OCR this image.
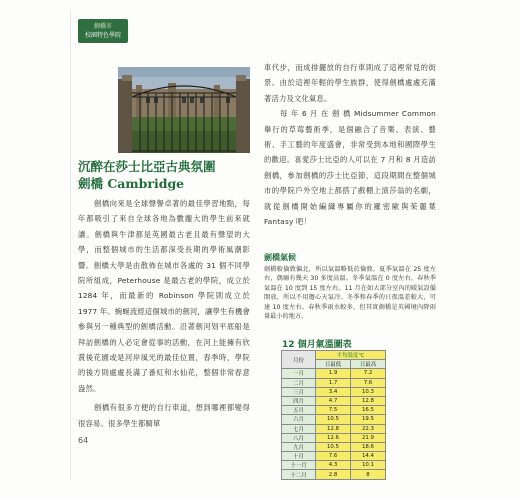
劍橋市
校園特色學院
沉醉在莎士比亞古典氛圍
劍橋 Cambridge

劍橋向來是全球聲譽卓著的最佳學習地點，每年都吸引了來自全球各地為數龐大的學生前來就讀。劍橋與牛津都是英國最古老且最有聲望的大學，而整個城市的生活都深受長期的學術風潮影響。劍橋大學是由散佈在城市各處的 31 個不同學院所組成，Peterhouse 是最古老的學院，成立於 1284 年，而最新的 Robinson 學院則成立於 1977 年。蜿蜒流經這個城市的劍河，讓學生有機會參與另一種典型的劍橋活動。沿著劍河划平底船是拜訪劍橋的人必定會從事的活動，在河上能擁有欣賞後花園或是河岸風光的最佳位置，春季時，學院的後方則處處長滿了番紅和水仙花，整個非常春意盎然。

劍橋有很多方便的自行車道，想到哪裡都變得很容易。很多學生都騎單

車代步，而成排擺放的自行車則成了這裡常見的街景。由於這裡年輕的學生族群，使得劍橋處處充滿著活力及文化氣息。

每 年 6 月 在 劍 橋 Midsummer Common 舉行的草莓藝術季，是個融合了音樂、表演、藝術、手工藝的年度盛會，非常受到本地和國際學生的歡迎。喜愛莎士比亞的人可以在 7 月和 8 月造訪劍橋，參加劍橋的莎士比亞節，這段期間在整個城市的學院戶外空地上都搭了戲棚上演莎翁的名劇，就從劍橋開始編織專屬你的羅密歐與茱麗葉 Fantasy 吧！

劍橋氣候
劍橋較倫敦偏北，所以氣溫略低於倫敦。夏季氣溫在 25 度左右，偶爾有幾天 30 多度高溫。冬季氣溫在 0 度左右，春秋季氣溫在 10 度到 15 度左右。11 月在如大部分室內的暖氣設備開放，所以不用擔心天氣冷。冬季和春季的日夜溫差較大，可達 10 度左右。春秋季雨水較多，但其實劍橋是英國境內降雨量最小的地方。
12 個月氣溫圖表
月份	平均溫度℃	
	日最低	日最高
一月	1.9	7.2
二月	1.7	7.6
三月	3.4	10.3
四月	4.7	12.8
五月	7.5	16.5
六月	10.5	19.5
七月	12.8	22.3
八月	12.6	21.9
九月	10.5	18.6
十月	7.6	14.4
十一月	4.3	10.1
十二月	2.8	8
64
